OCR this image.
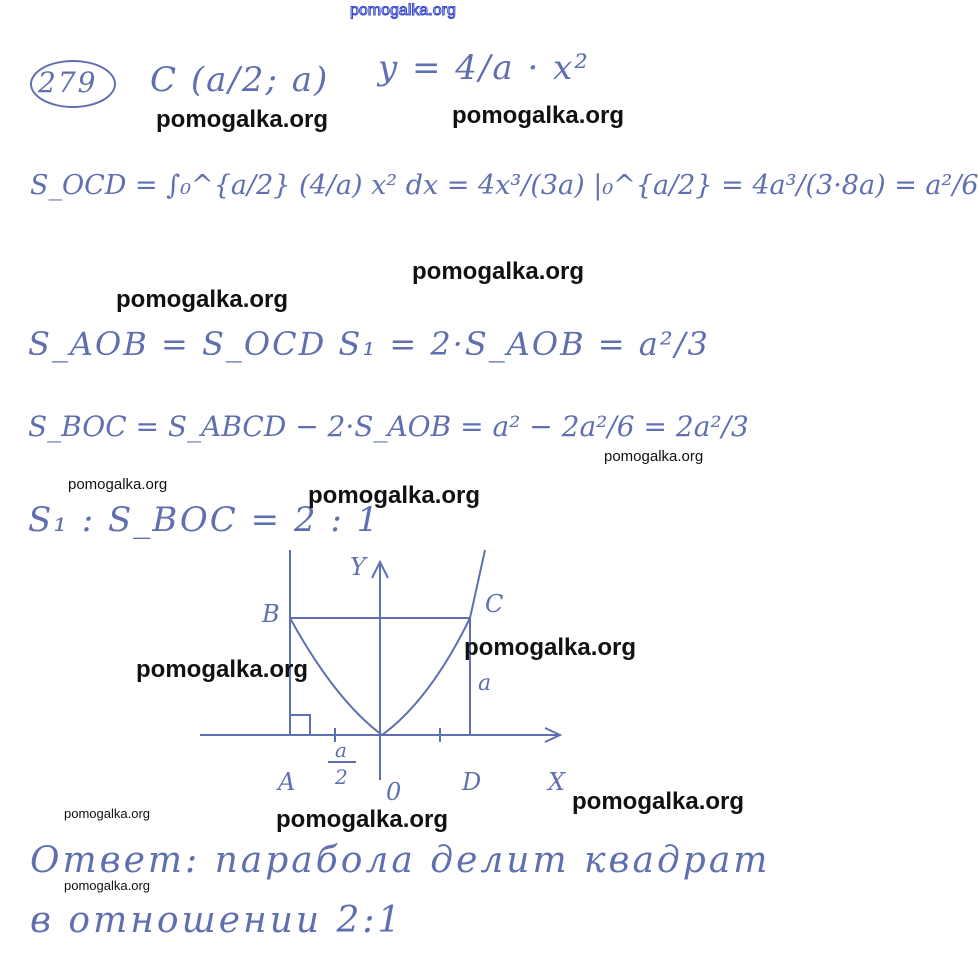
pomogalka.org
279 C (a/2; a) y = 4/a · x²
S_OCD = ∫₀^{a/2} (4/a) x² dx = 4x³/(3a) |₀^{a/2} = 4a³/(3·8a) = a²/6
S_AOB = S_OCD S₁ = 2·S_AOB = a²/3
S_BOC = S_ABCD − 2·S_AOB = a² − 2a²/6 = 2a²/3
S₁ : S_BOC = 2 : 1
Y
X
B	C
A	D
0
a
a
2
Ответ: парабола делит квадрат
в отношении 2:1
pomogalka.org	pomogalka.org
pomogalka.org
pomogalka.org
pomogalka.org
pomogalka.org	pomogalka.org
pomogalka.org
pomogalka.org
pomogalka.org
pomogalka.org	pomogalka.org
pomogalka.org
